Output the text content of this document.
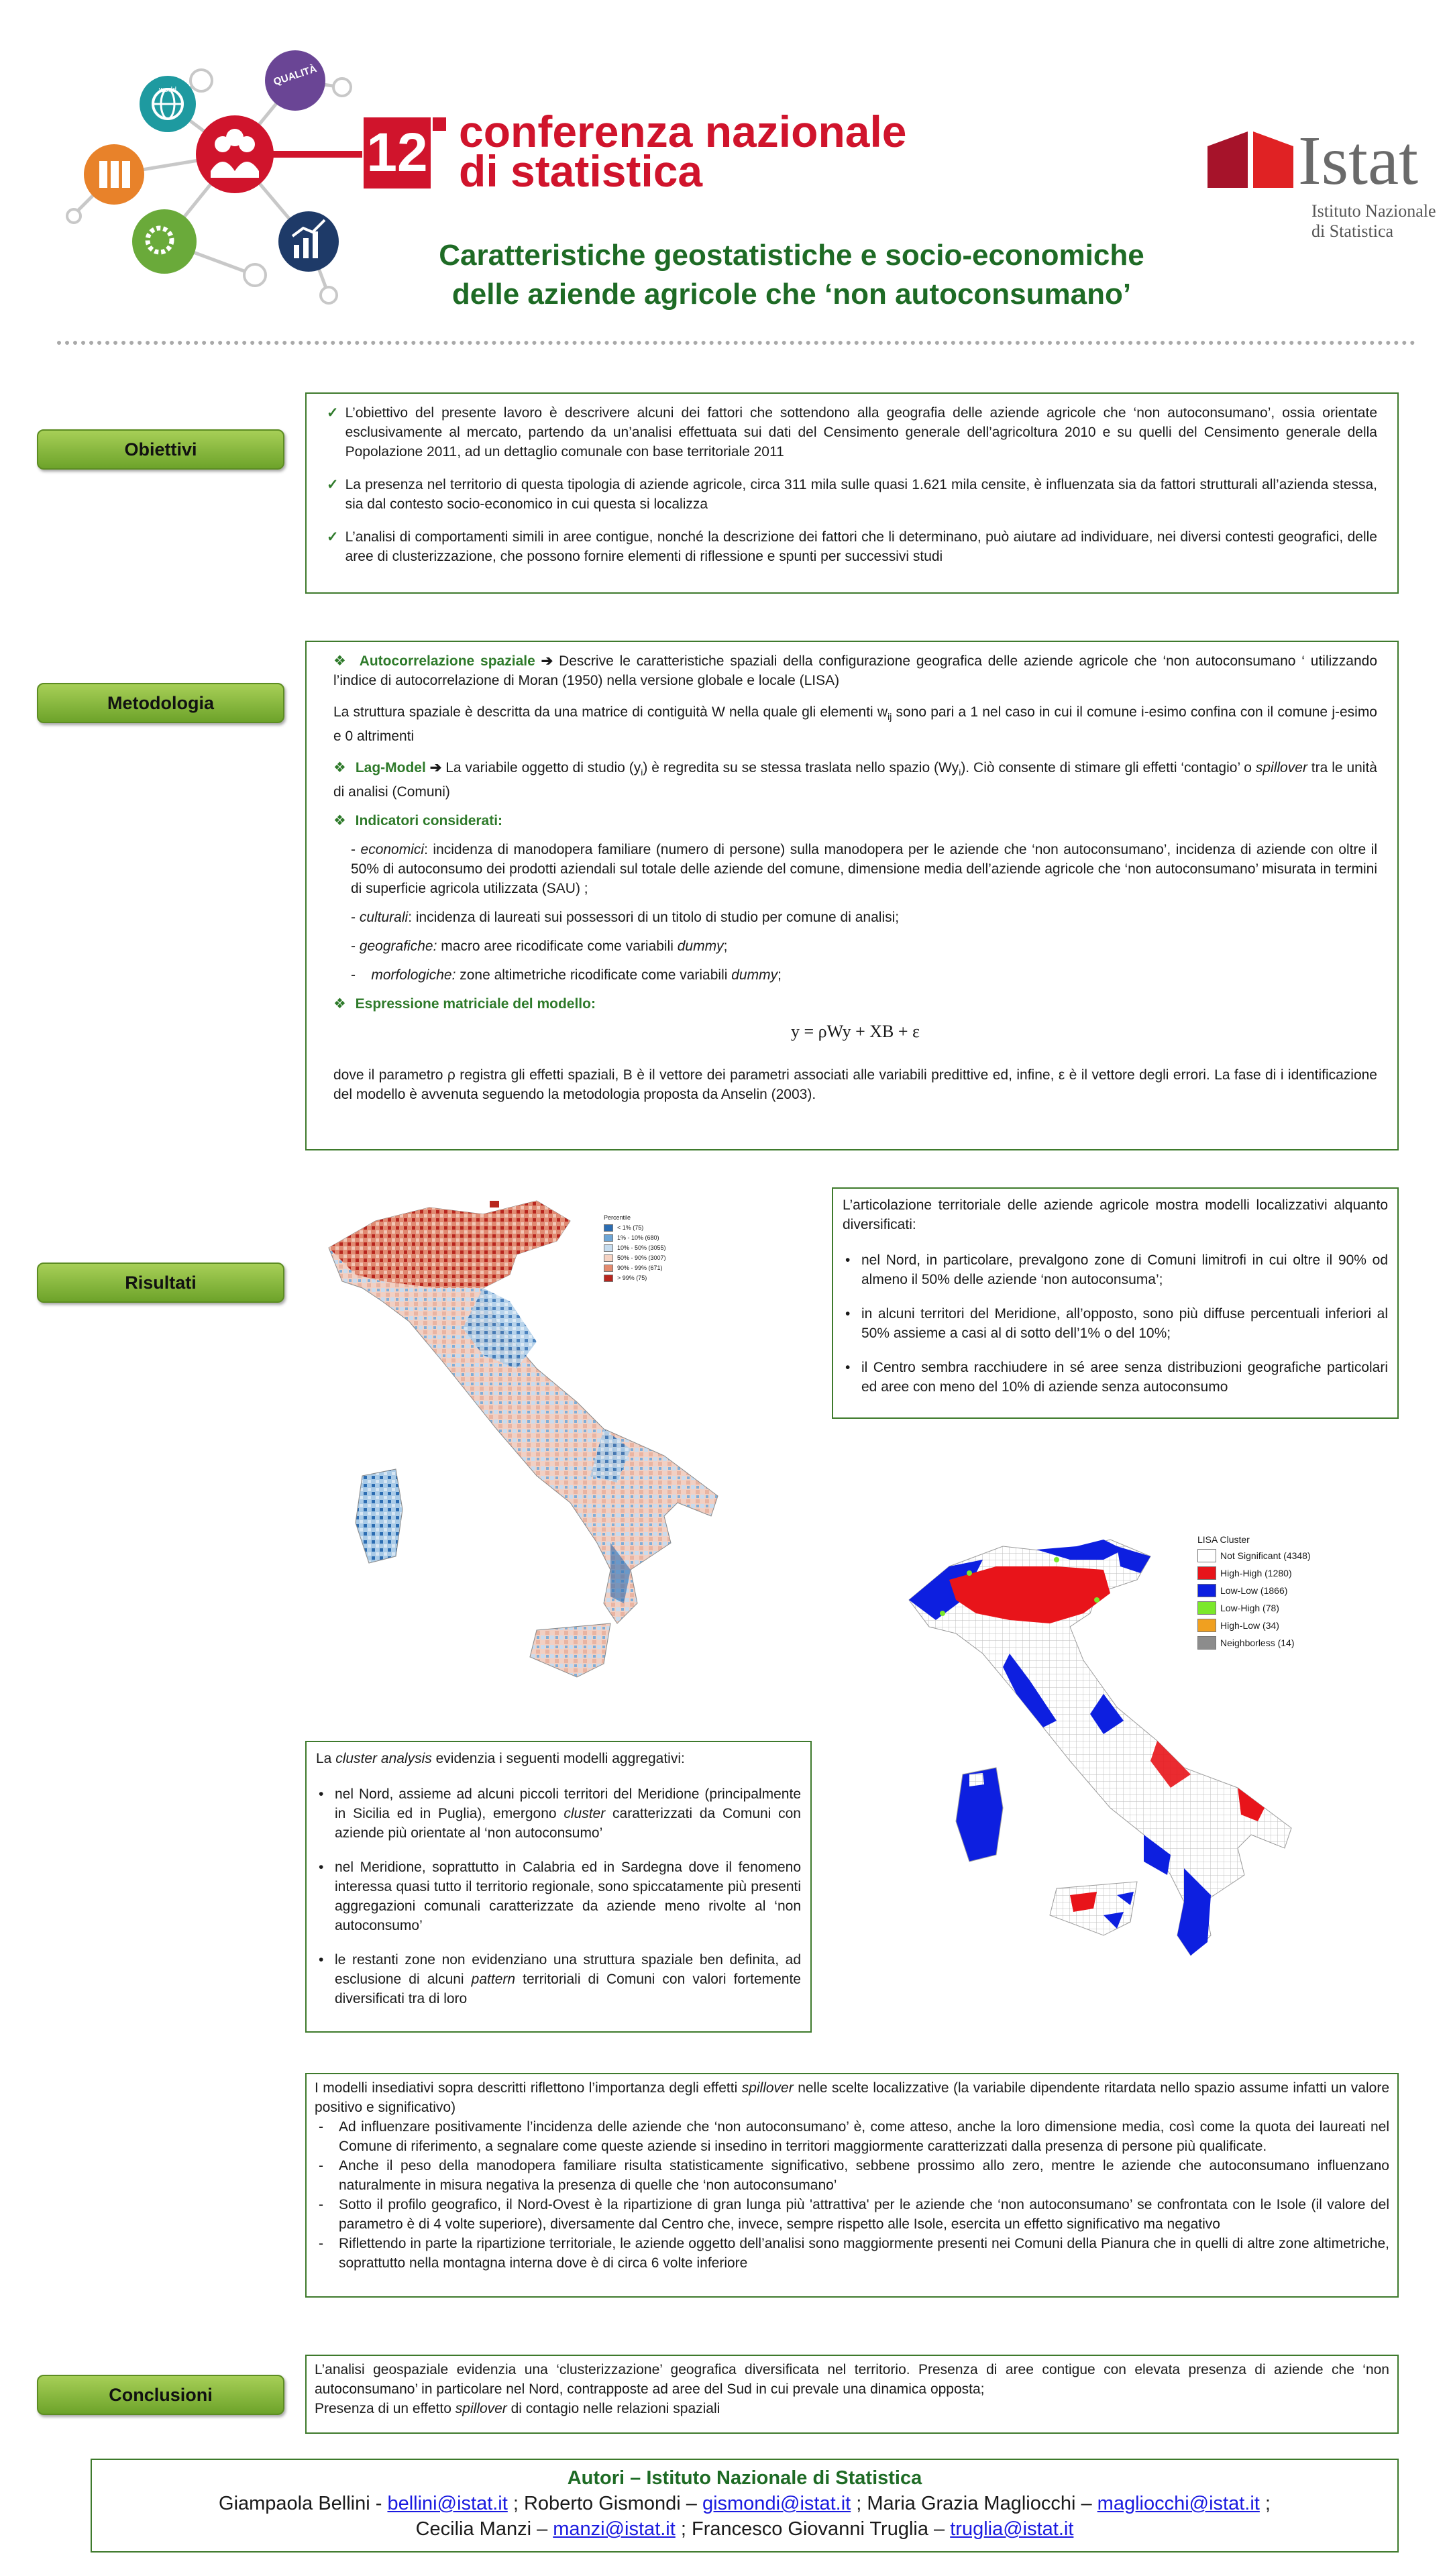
QUALITÀ
world
12 conferenza nazionale
di statistica	Istat
Istituto Nazionale
di Statistica
Caratteristiche geostatistiche e socio-economiche
delle aziende agricole che ‘non autoconsumano’
Obiettivi
Metodologia
Risultati
Conclusioni
✓ L’obiettivo del presente lavoro è descrivere alcuni dei fattori che sottendono alla geografia delle aziende agricole che ‘non autoconsumano’, ossia orientate esclusivamente al mercato, partendo da un’analisi effettuata sui dati del Censimento generale dell’agricoltura 2010 e su quelli del Censimento generale della Popolazione 2011, ad un dettaglio comunale con base territoriale 2011
✓ La presenza nel territorio di questa tipologia di aziende agricole, circa 311 mila sulle quasi 1.621 mila censite, è influenzata sia da fattori strutturali all’azienda stessa, sia dal contesto socio-economico in cui questa si localizza
✓ L’analisi di comportamenti simili in aree contigue, nonché la descrizione dei fattori che li determinano, può aiutare ad individuare, nei diversi contesti geografici, delle aree di clusterizzazione, che possono fornire elementi di riflessione e spunti per successivi studi
❖ Autocorrelazione spaziale ➔ Descrive le caratteristiche spaziali della configurazione geografica delle aziende agricole che ‘non autoconsumano ‘ utilizzando l’indice di autocorrelazione di Moran (1950) nella versione globale e locale (LISA)
La struttura spaziale è descritta da una matrice di contiguità W nella quale gli elementi $w_{ij}$ sono pari a 1 nel caso in cui il comune i-esimo confina con il comune j-esimo e 0 altrimenti
❖ Lag-Model ➔ La variabile oggetto di studio $(y_i)$ è regredita su se stessa traslata nello spazio $(Wy_i)$. Ciò consente di stimare gli effetti ‘contagio’ o spillover tra le unità di analisi (Comuni)
❖ Indicatori considerati:
- economici: incidenza di manodopera familiare (numero di persone) sulla manodopera per le aziende che ‘non autoconsumano’, incidenza di aziende con oltre il 50% di autoconsumo dei prodotti aziendali sul totale delle aziende del comune, dimensione media dell’aziende agricole che ‘non autoconsumano’ misurata in termini di superficie agricola utilizzata (SAU) ;
- culturali: incidenza di laureati sui possessori di un titolo di studio per comune di analisi;
- geografiche: macro aree ricodificate come variabili dummy;
-    morfologiche: zone altimetriche ricodificate come variabili dummy;
❖ Espressione matriciale del modello:
y = ρWy + XB + ε
dove il parametro ρ registra gli effetti spaziali, B è il vettore dei parametri associati alle variabili predittive ed, infine, ε è il vettore degli errori. La fase di i identificazione del modello è avvenuta seguendo la metodologia proposta da Anselin (2003).
Percentile
< 1% (75)
1% - 10% (680)
10% - 50% (3055)
50% - 90% (3007)
90% - 99% (671)
> 99% (75)
L’articolazione territoriale delle aziende agricole mostra modelli localizzativi alquanto diversificati:
• nel Nord, in particolare, prevalgono zone di Comuni limitrofi in cui oltre il 90% od almeno il 50% delle aziende ‘non autoconsuma’;
• in alcuni territori del Meridione, all’opposto, sono più diffuse percentuali inferiori al 50% assieme a casi al di sotto dell’1% o del 10%;
• il Centro sembra racchiudere in sé aree senza distribuzioni geografiche particolari ed aree con meno del 10% di aziende senza autoconsumo
LISA Cluster
Not Significant (4348)
High-High (1280)
Low-Low (1866)
Low-High (78)
High-Low (34)
Neighborless (14)
La cluster analysis evidenzia i seguenti modelli aggregativi:
• nel Nord, assieme ad alcuni piccoli territori del Meridione (principalmente in Sicilia ed in Puglia), emergono cluster caratterizzati da Comuni con aziende più orientate al ‘non autoconsumo’
• nel Meridione, soprattutto in Calabria ed in Sardegna dove il fenomeno interessa quasi tutto il territorio regionale, sono spiccatamente più presenti aggregazioni comunali caratterizzate da aziende meno rivolte al ‘non autoconsumo’
• le restanti zone non evidenziano una struttura spaziale ben definita, ad esclusione di alcuni pattern territoriali di Comuni con valori fortemente diversificati tra di loro
I modelli insediativi sopra descritti riflettono l’importanza degli effetti spillover nelle scelte localizzative (la variabile dipendente ritardata nello spazio assume infatti un valore positivo e significativo)
- Ad influenzare positivamente l’incidenza delle aziende che ‘non autoconsumano’ è, come atteso, anche la loro dimensione media, così come la quota dei laureati nel Comune di riferimento, a segnalare come queste aziende si insedino in territori maggiormente caratterizzati dalla presenza di persone più qualificate.
- Anche il peso della manodopera familiare risulta statisticamente significativo, sebbene prossimo allo zero, mentre le aziende che autoconsumano influenzano naturalmente in misura negativa la presenza di quelle che ‘non autoconsumano’
- Sotto il profilo geografico, il Nord-Ovest è la ripartizione di gran lunga più 'attrattiva' per le aziende che ‘non autoconsumano’ se confrontata con le Isole (il valore del parametro è di 4 volte superiore), diversamente dal Centro che, invece, sempre rispetto alle Isole, esercita un effetto significativo ma negativo
- Riflettendo in parte la ripartizione territoriale, le aziende oggetto dell’analisi sono maggiormente presenti nei Comuni della Pianura che in quelli di altre zone altimetriche, soprattutto nella montagna interna dove è di circa 6 volte inferiore
L’analisi geospaziale evidenzia una ‘clusterizzazione’ geografica diversificata nel territorio. Presenza di aree contigue con elevata presenza di aziende che ‘non autoconsumano’ in particolare nel Nord, contrapposte ad aree del Sud in cui prevale una dinamica opposta;
Presenza di un effetto spillover di contagio nelle relazioni spaziali
Autori – Istituto Nazionale di Statistica
Giampaola Bellini - bellini@istat.it ; Roberto Gismondi – gismondi@istat.it ; Maria Grazia Magliocchi – magliocchi@istat.it ;
Cecilia Manzi – manzi@istat.it ; Francesco Giovanni Truglia – truglia@istat.it
